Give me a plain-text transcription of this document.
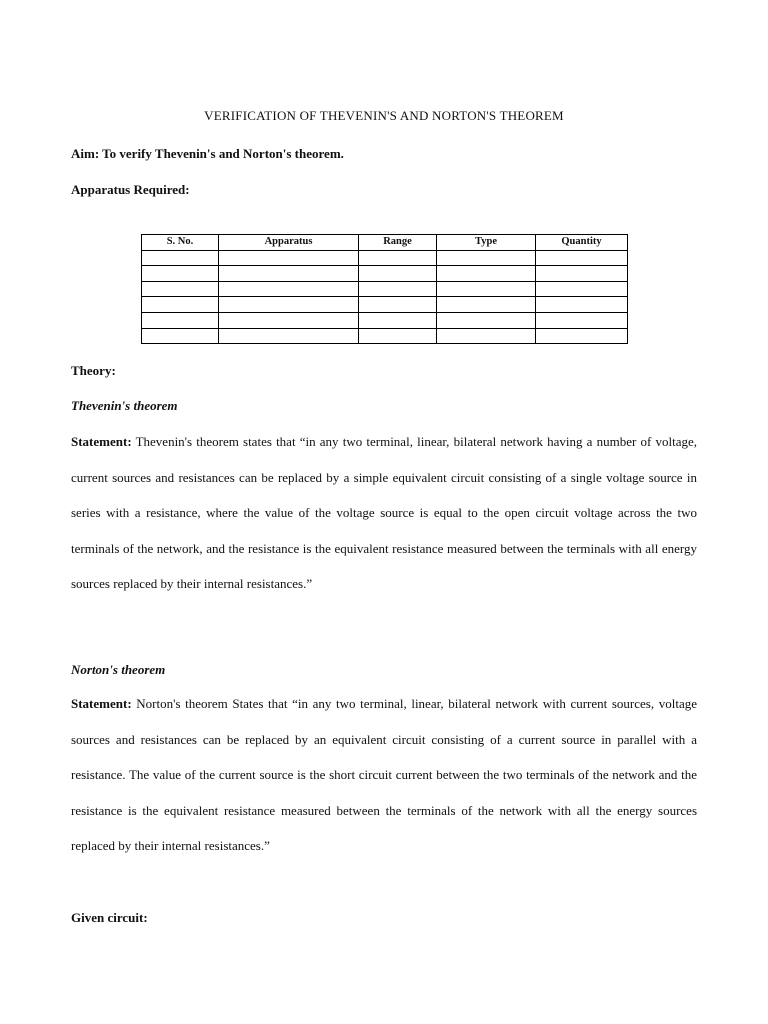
VERIFICATION OF THEVENIN'S AND NORTON'S THEOREM
Aim: To verify Thevenin's and Norton's theorem.
Apparatus Required:
S. No.	Apparatus	Range	Type	Quantity

Theory:
Thevenin's theorem

Statement: Thevenin's theorem states that “in any two terminal, linear, bilateral network having a number of voltage, current sources and resistances can be replaced by a simple equivalent circuit consisting of a single voltage source in series with a resistance, where the value of the voltage source is equal to the open circuit voltage across the two terminals of the network, and the resistance is the equivalent resistance measured between the terminals with all energy sources replaced by their internal resistances.”

Norton's theorem

Statement: Norton's theorem States that “in any two terminal, linear, bilateral network with current sources, voltage sources and resistances can be replaced by an equivalent circuit consisting of a current source in parallel with a resistance. The value of the current source is the short circuit current between the two terminals of the network and the resistance is the equivalent resistance measured between the terminals of the network with all the energy sources replaced by their internal resistances.”

Given circuit:
